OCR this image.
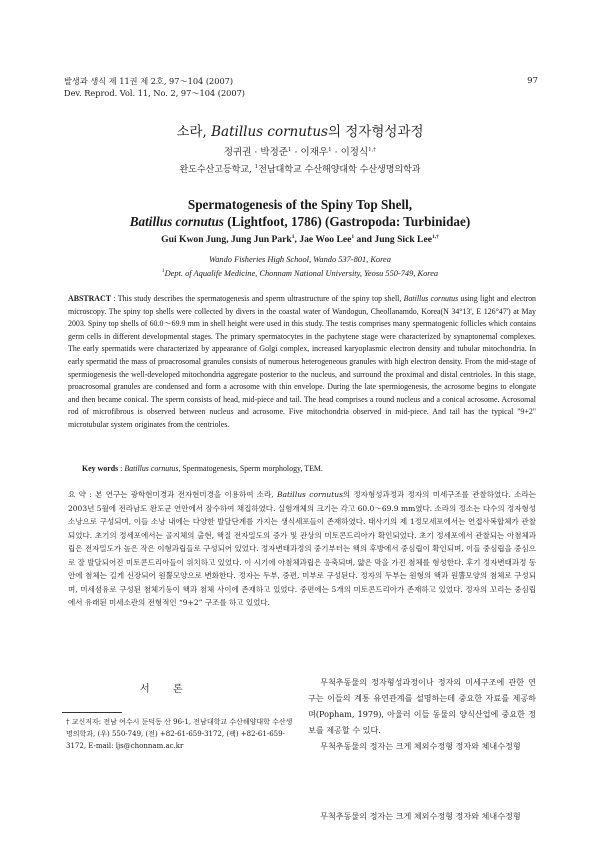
발생과 생식 제 11권 제 2호, 97～104 (2007)
Dev. Reprod. Vol. 11, No. 2, 97～104 (2007)
97
소라, Batillus cornutus의 정자형성과정
정귀권 · 박정준$^1$ · 이재우$^1$ · 이정식$^{1,\dagger}$
완도수산고등학교, $^1$전남대학교 수산해양대학 수산생명의학과
Spermatogenesis of the Spiny Top Shell,
Batillus cornutus (Lightfoot, 1786) (Gastropoda: Turbinidae)
Gui Kwon Jung, Jung Jun Park$^1$, Jae Woo Lee$^1$ and Jung Sick Lee$^{1,\dagger}$
Wando Fisheries High School, Wando 537-801, Korea
$^1$Dept. of Aqualife Medicine, Chonnam National University, Yeosu 550-749, Korea
ABSTRACT : This study describes the spermatogenesis and sperm ultrastructure of the spiny top shell, Batillus cornutus using light and electron microscopy. The spiny top shells were collected by divers in the coastal water of Wandogun, Cheollanamdo, Korea(N 34°13', E 126°47') at May 2003. Spiny top shells of 60.0～69.9 mm in shell height were used in this study. The testis comprises many spermatogenic follicles which contains germ cells in different developmental stages. The primary spermatocytes in the pachytene stage were characterized by synaptonemal complexes. The early spermatids were characterized by appearance of Golgi complex, increased karyoplasmic electron density and tubular mitochondria. In early spermatid the mass of proacrosomal granules consists of numerous heterogeneous granules with high electron density. From the mid-stage of spermiogenesis the well-developed mitochondria aggregate posterior to the nucleus, and surround the proximal and distal centrioles. In this stage, proacrosomal granules are condensed and form a acrosome with thin envelope. During the late spermiogenesis, the acrosome begins to elongate and then became conical. The sperm consists of head, mid-piece and tail. The head comprises a round nucleus and a conical acrosome. Acrosomal rod of microfibrous is observed between nucleus and acrosome. Five mitochondria observed in mid-piece. And tail has the typical "9+2" microtubular system originates from the centrioles.
Key words : Batillus cornutus, Spermatogenesis, Sperm morphology, TEM.
요 약 : 본 연구는 광학현미경과 전자현미경을 이용하여 소라, Batillus cornutus의 정자형성과정과 정자의 미세구조를 관찰하였다. 소라는 2003년 5월에 전라남도 완도군 연안에서 잠수하여 채집하였다. 실험개체의 크기는 각고 60.0～69.9 mm였다. 소라의 정소는 다수의 정자형성소낭으로 구성되며, 이들 소낭 내에는 다양한 발달단계를 가지는 생식세포들이 존재하였다. 태사기의 제 1정모세포에서는 연접사복합체가 관찰되었다. 초기의 정세포에서는 골지체의 출현, 핵질 전자밀도의 증가 및 관상의 미토콘드리아가 확인되었다. 초기 정세포에서 관찰되는 아첨체과립은 전자밀도가 높은 작은 이형과립들로 구성되어 있었다. 정자변태과정의 중기부터는 핵의 후방에서 중심립이 확인되며, 이들 중심립을 중심으로 잘 발달되어진 미토콘드리아들이 위치하고 있었다. 이 시기에 아첨체과립은 응축되며, 얇은 막을 가진 첨체를 형성한다. 후기 정자변태과정 동안에 첨체는 길게 신장되어 원뿔모양으로 변화한다. 정자는 두부, 중편, 미부로 구성된다. 정자의 두부는 원형의 핵과 원뿔모양의 첨체로 구성되며, 미세섬유로 구성된 첨체기둥이 핵과 첨체 사이에 존재하고 있었다. 중편에는 5개의 미토콘드리아가 존재하고 있었다. 정자의 꼬리는 중심립에서 유래된 미세소관의 전형적인 “9+2” 구조를 하고 있었다.
서 론
† 교신저자: 전남 여수시 둔덕동 산 96-1, 전남대학교 수산해양대학 수산생명의학과, (우) 550-749, (전) +82-61-659-3172, (팩) +82-61-659-3172, E-mail: ljs@chonnam.ac.kr

무척추동물의 정자형성과정이나 정자의 미세구조에 관한 연구는 이들의 계통 유연관계를 설명하는데 중요한 자료를 제공하며(Popham, 1979), 아울러 이들 동물의 양식산업에 중요한 정보를 제공할 수 있다.

무척추동물의 정자는 크게 체외수정형 정자와 체내수정형

무척추동물의 정자는 크게 체외수정형 정자와 체내수정형
